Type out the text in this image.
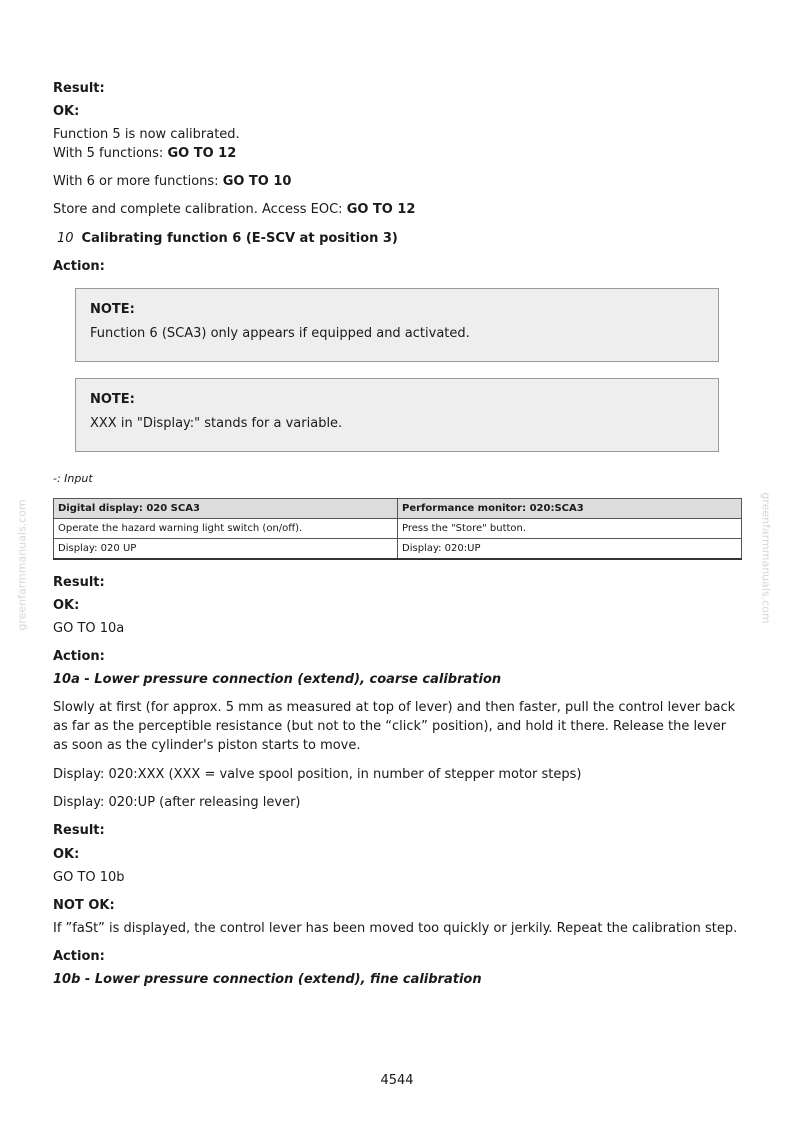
greenfarmmanuals.com	greenfarmmanuals.com
Result:
OK:
Function 5 is now calibrated.
With 5 functions: GO TO 12
With 6 or more functions: GO TO 10
Store and complete calibration. Access EOC: GO TO 12
10 Calibrating function 6 (E-SCV at position 3)
Action:
NOTE:
Function 6 (SCA3) only appears if equipped and activated.
NOTE:
XXX in "Display:" stands for a variable.
-: Input
Digital display: 020 SCA3	Performance monitor: 020:SCA3
Operate the hazard warning light switch (on/off).	Press the "Store" button.
Display: 020 UP	Display: 020:UP
Result:
OK:
GO TO 10a
Action:
10a - Lower pressure connection (extend), coarse calibration
Slowly at first (for approx. 5 mm as measured at top of lever) and then faster, pull the control lever back as far as the perceptible resistance (but not to the “click” position), and hold it there. Release the lever as soon as the cylinder's piston starts to move.
Display: 020:XXX (XXX = valve spool position, in number of stepper motor steps)
Display: 020:UP (after releasing lever)
Result:
OK:
GO TO 10b
NOT OK:
If ”faSt” is displayed, the control lever has been moved too quickly or jerkily. Repeat the calibration step.
Action:
10b - Lower pressure connection (extend), fine calibration
4544
